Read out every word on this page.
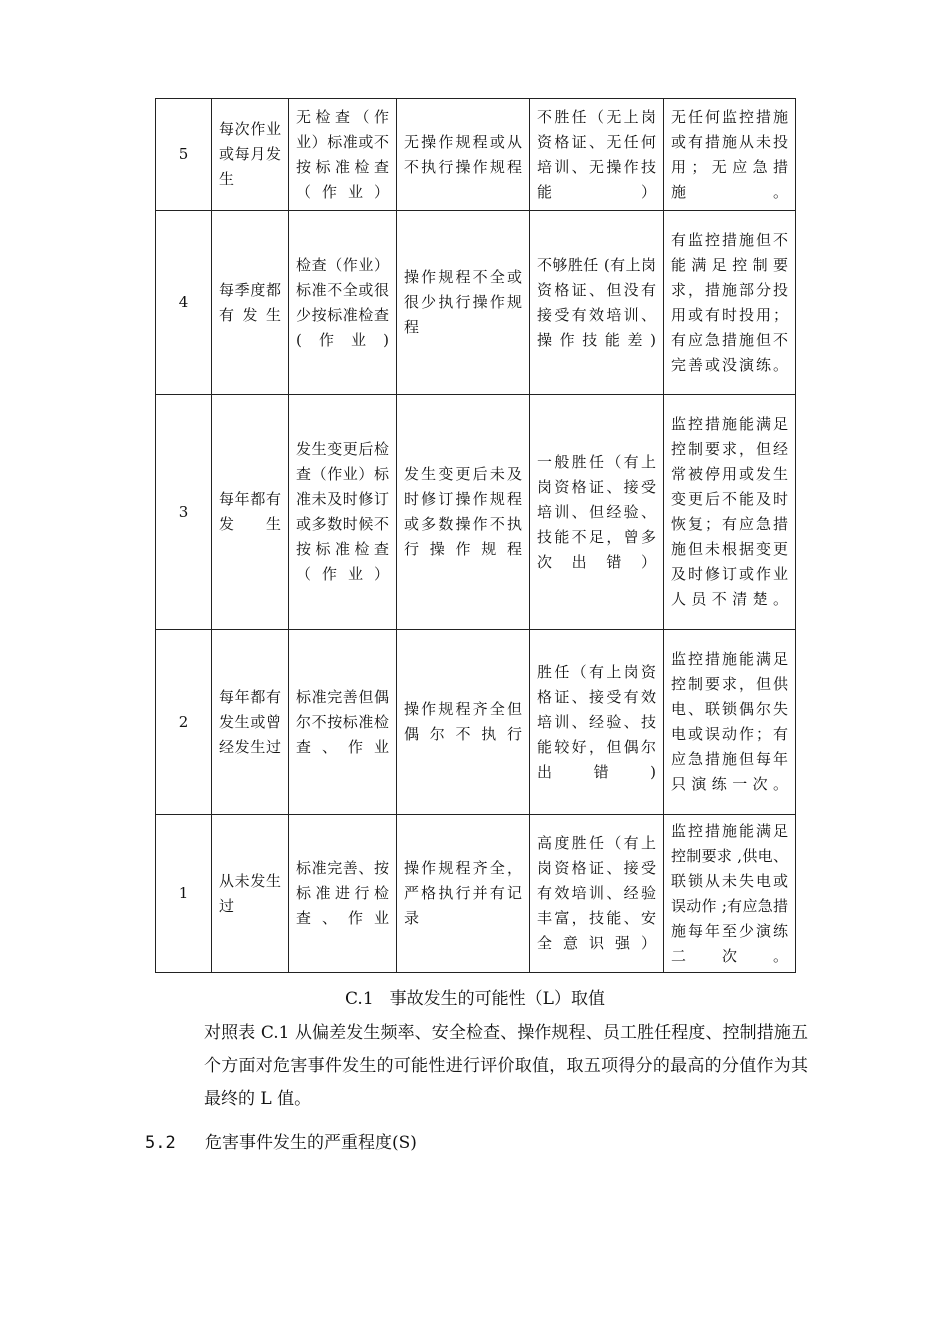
5	每次作业或每月发生	无检查（作业）标准或不按标准检查（作业）	无操作规程或从不执行操作规程	不胜任（无上岗资格证、无任何培训、无操作技能）	无任何监控措施或有措施从未投用；无应急措施。
4	每季度都有发生	检查（作业）标准不全或很少按标准检查(作业)	操作规程不全或很少执行操作规程	不够胜任 (有上岗资格证、但没有接受有效培训、操作技能差)	有监控措施但不能满足控制要求，措施部分投用或有时投用；有应急措施但不完善或没演练。
3	每年都有发生	发生变更后检查（作业）标准未及时修订或多数时候不按标准检查（作业）	发生变更后未及时修订操作规程或多数操作不执行操作规程	一般胜任（有上岗资格证、接受培训、但经验、技能不足，曾多次出错）	监控措施能满足控制要求，但经常被停用或发生变更后不能及时恢复；有应急措施但未根据变更及时修订或作业人员不清楚。
2	每年都有发生或曾经发生过	标准完善但偶尔不按标准检查、作业	操作规程齐全但偶尔不执行	胜任（有上岗资格证、接受有效培训、经验、技能较好，但偶尔出错)	监控措施能满足控制要求，但供电、联锁偶尔失电或误动作；有应急措施但每年只演练一次。
1	从未发生过	标准完善、按标准进行检查、作业	操作规程齐全，严格执行并有记录	高度胜任（有上岗资格证、接受有效培训、经验丰富，技能、安全意识强）	监控措施能满足控制要求 ,供电、联锁从未失电或误动作 ;有应急措施每年至少演练二次。
C.1 事故发生的可能性（L）取值
对照表 C.1 从偏差发生频率、安全检查、操作规程、员工胜任程度、控制措施五个方面对危害事件发生的可能性进行评价取值，取五项得分的最高的分值作为其最终的 L 值。
5.2 危害事件发生的严重程度(S)
